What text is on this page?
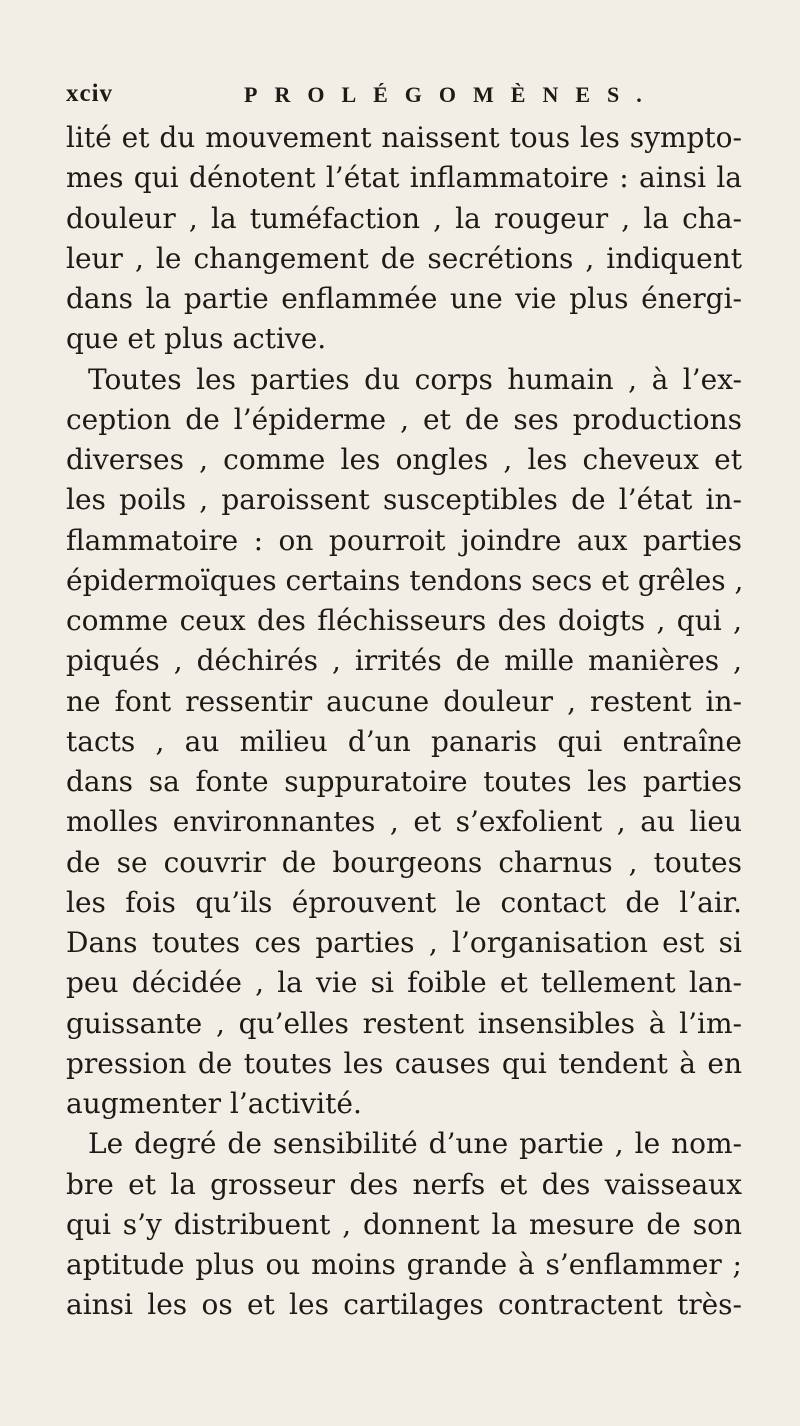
xciv	PROLÉGOMÈNES.
lité et du mouvement naissent tous les sympto-
mes qui dénotent l’état inflammatoire : ainsi la
douleur , la tuméfaction , la rougeur , la cha-
leur , le changement de secrétions , indiquent
dans la partie enflammée une vie plus énergi-
que et plus active.
Toutes les parties du corps humain , à l’ex-
ception de l’épiderme , et de ses productions
diverses , comme les ongles , les cheveux et
les poils , paroissent susceptibles de l’état in-
flammatoire : on pourroit joindre aux parties
épidermoïques certains tendons secs et grêles ,
comme ceux des fléchisseurs des doigts , qui ,
piqués , déchirés , irrités de mille manières ,
ne font ressentir aucune douleur , restent in-
tacts , au milieu d’un panaris qui entraîne
dans sa fonte suppuratoire toutes les parties
molles environnantes , et s’exfolient , au lieu
de se couvrir de bourgeons charnus , toutes
les fois qu’ils éprouvent le contact de l’air.
Dans toutes ces parties , l’organisation est si
peu décidée , la vie si foible et tellement lan-
guissante , qu’elles restent insensibles à l’im-
pression de toutes les causes qui tendent à en
augmenter l’activité.
Le degré de sensibilité d’une partie , le nom-
bre et la grosseur des nerfs et des vaisseaux
qui s’y distribuent , donnent la mesure de son
aptitude plus ou moins grande à s’enflammer ;
ainsi les os et les cartilages contractent très-
